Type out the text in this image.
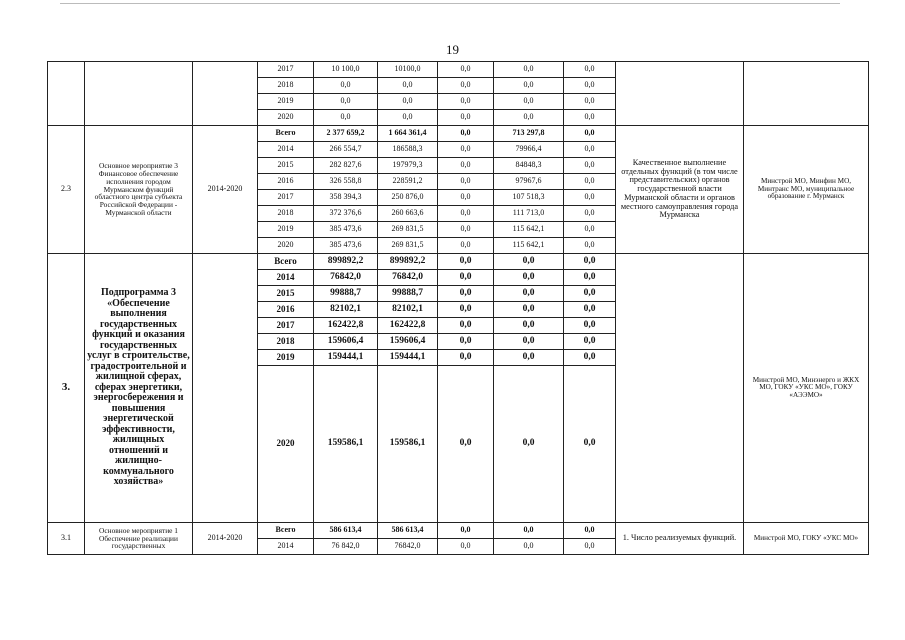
19
			2017	10 100,0	10100,0	0,0	0,0	0,0		
			2018	0,0	0,0	0,0	0,0	0,0		
			2019	0,0	0,0	0,0	0,0	0,0		
			2020	0,0	0,0	0,0	0,0	0,0		
2.3	Основное мероприятие 3 Финансовое обеспечение исполнения городом Мурманском функций областного центра субъекта Российской Федерации - Мурманской области	2014-2020	Всего	2 377 659,2	1 664 361,4	0,0	713 297,8	0,0	Качественное выполнение отдельных функций (в том числе представительских) органов государственной власти Мурманской области и органов местного самоуправления города Мурманска	Минстрой МО, Минфин МО, Минтранс МО, муниципальное образование г. Мурманск
			2014	266 554,7	186588,3	0,0	79966,4	0,0		
			2015	282 827,6	197979,3	0,0	84848,3	0,0		
			2016	326 558,8	228591,2	0,0	97967,6	0,0		
			2017	358 394,3	250 876,0	0,0	107 518,3	0,0		
			2018	372 376,6	260 663,6	0,0	111 713,0	0,0		
			2019	385 473,6	269 831,5	0,0	115 642,1	0,0		
			2020	385 473,6	269 831,5	0,0	115 642,1	0,0		
3.	Подпрограмма 3 «Обеспечение выполнения государственных функций и оказания государственных услуг в строительстве, градостроительной и жилищной сферах, сферах энергетики, энергосбережения и повышения энергетической эффективности, жилищных отношений и жилищно-коммунального хозяйства»		Всего	899892,2	899892,2	0,0	0,0	0,0		Минстрой МО, Минэнерго и ЖКХ МО, ГОКУ «УКС МО», ГОКУ «АЭЭМО»
			2014	76842,0	76842,0	0,0	0,0	0,0		
			2015	99888,7	99888,7	0,0	0,0	0,0		
			2016	82102,1	82102,1	0,0	0,0	0,0		
			2017	162422,8	162422,8	0,0	0,0	0,0		
			2018	159606,4	159606,4	0,0	0,0	0,0		
			2019	159444,1	159444,1	0,0	0,0	0,0		
			2020	159586,1	159586,1	0,0	0,0	0,0		
3.1	Основное мероприятие 1 Обеспечение реализации государственных	2014-2020	Всего	586 613,4	586 613,4	0,0	0,0	0,0	1. Число реализуемых функций.	Минстрой МО, ГОКУ «УКС МО»
			2014	76 842,0	76842,0	0,0	0,0	0,0		
